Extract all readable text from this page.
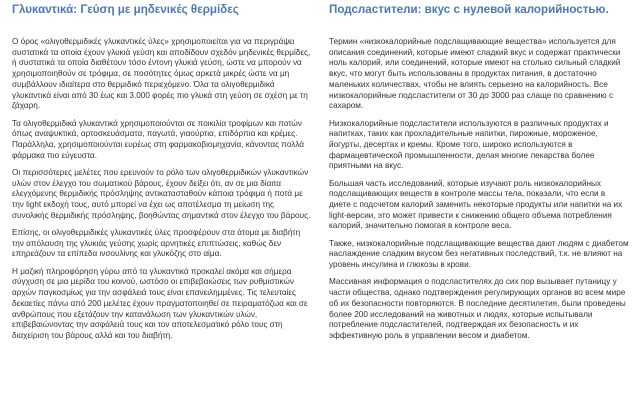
Γλυκαντικά: Γεύση με μηδενικές θερμίδες

Ο όρος «ολιγοθερμιδικές γλυκαντικές ύλες» χρησιμοποιείται για να περιγράψει συστατικά τα οποία έχουν γλυκιά γεύση και αποδίδουν σχεδόν μηδενικές θερμίδες, ή συστατικά τα οποία διαθέτουν τόσο έντονη γλυκιά γεύση, ώστε να μπορούν να χρησιμοποιηθούν σε τρόφιμα, σε ποσότητες όμως αρκετά μικρές ώστε να μη συμβάλλουν ιδιαίτερα στο θερμιδικό περιεχόμενο. Όλα τα ολιγοθερμιδικά γλυκαντικά είναι από 30 έως και 3.000 φορές πιο γλυκά στη γεύση σε σχέση με τη ζάχαρη.

Τα ολιγοθερμιδικά γλυκαντικά χρησιμοποιούνται σε ποικιλία τροφίμων και ποτών όπως αναψυκτικά, αρτοσκευάσματα, παγωτά, γιαούρτια, επιδόρπια και κρέμες. Παράλληλα, χρησιμοποιούνται ευρέως στη φαρμακοβιομηχανία, κάνοντας πολλά φάρμακα πιο εύγευστα.

Οι περισσότερες μελέτες που ερευνούν το ρόλο των ολιγοθερμιδικών γλυκαντικών υλών στον έλεγχο του σωματικού βάρους, έχουν δείξει ότι, αν σε μια δίαιτα ελεγχόμενης θερμιδικής πρόσληψης αντικατασταθούν κάποια τρόφιμα ή ποτά με την light εκδοχή τους, αυτό μπορεί να έχει ως αποτέλεσμα τη μείωση της συνολικής θερμιδικής πρόσληψης, βοηθώντας σημαντικά στον έλεγχο του βάρους.

Επίσης, οι ολιγοθερμιδικές γλυκαντικές ύλες προσφέρουν στα άτομα με διαβήτη την απόλαυση της γλυκιάς γεύσης χωρίς αρνητικές επιπτώσεις, καθώς δεν επηρεάζουν τα επίπεδα ινσουλίνης και γλυκόζης στο αίμα.

Η μαζική πληροφόρηση γύρω από τα γλυκαντικά προκαλεί ακόμα και σήμερα σύγχυση σε μια μερίδα του κοινού, ωστόσο οι επιβεβαιώσεις των ρυθμιστικών αρχών παγκοσμίως για την ασφάλειά τους είναι επανειλημμένες. Τις τελευταίες δεκαετίες πάνω από 200 μελέτες έχουν πραγματοποιηθεί σε πειραματόζωα και σε ανθρώπους που εξετάζουν την κατανάλωση των γλυκαντικών υλών, επιβεβαιώνοντας την ασφάλειά τους και τον αποτελεσματικό ρόλο τους στη διαχείριση του βάρους αλλά και του διαβήτη.

Подсластители: вкус с нулевой калорийностью.

Термин «низкокалорийные подслащивающие вещества» используется для описания соединений, которые имеют сладкий вкус и содержат практически ноль калорий, или соединений, которые имеют на столько сильный сладкий вкус, что могут быть использованы в продуктах питания, в достаточно маленьких количествах, чтобы не влиять серьезно на калорийность. Все низкокалорийные подсластители от 30 до 3000 раз слаще по сравнению с сахаром.

Низкокалорийные подсластители используются в различных продуктах и напитках, таких как прохладительные напитки, пирожные, мороженое, йогурты, десертах и кремы. Кроме того, широко используются в фармацевтической промышленности, делая многие лекарства более приятными на вкус.

Большая часть исследований, которые изучают роль низкокалорийных подслащивающих веществ в контроле массы тела, показали, что если в диете с подсчетом калорий заменить некоторые продукты или напитки на их light-версии, это может привести к снижению общего объема потребления калорий, значительно помогая в контроле веса.

Также, низкокалорийные подслащивающие вещества дают людям с диабетом наслаждение сладким вкусом без негативных последствий, т.к. не влияют на уровень инсулина и глюкозы в крови.

Массивная информация о подсластителях до сих пор вызывает путаницу у части общества, однако подтверждения регулирующих органов во всем мире об их безопасности повторяются. В последние десятилетия, были проведены более 200 исследований на животных и людях, которые испытывали потребление подсластителей, подтверждая их безопасность и их эффективную роль в управлении весом и диабетом.
